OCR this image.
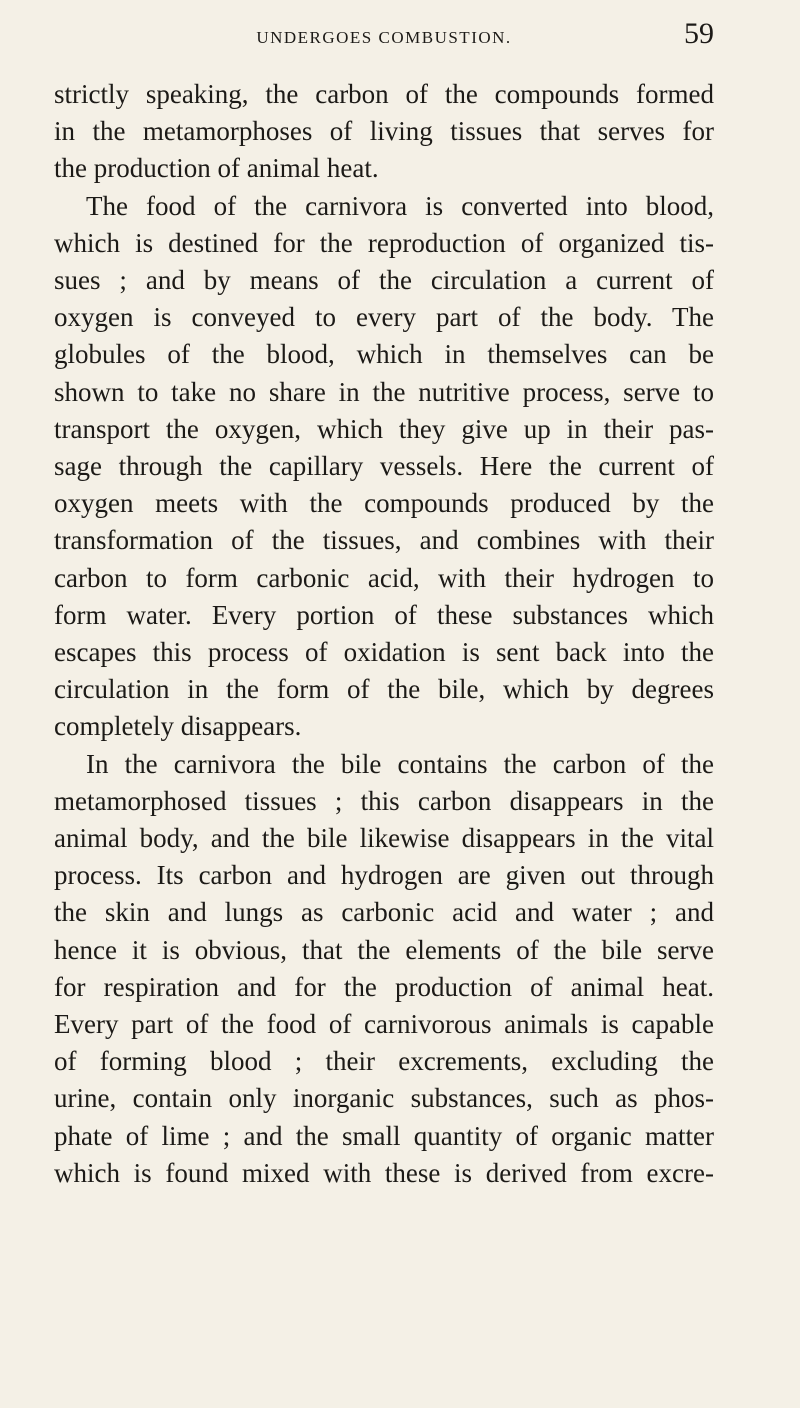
UNDERGOES COMBUSTION.	59
strictly speaking, the carbon of the compounds formed
in the metamorphoses of living tissues that serves for
the production of animal heat.
The food of the carnivora is converted into blood,
which is destined for the reproduction of organized tis-
sues ; and by means of the circulation a current of
oxygen is conveyed to every part of the body. The
globules of the blood, which in themselves can be
shown to take no share in the nutritive process, serve to
transport the oxygen, which they give up in their pas-
sage through the capillary vessels. Here the current of
oxygen meets with the compounds produced by the
transformation of the tissues, and combines with their
carbon to form carbonic acid, with their hydrogen to
form water. Every portion of these substances which
escapes this process of oxidation is sent back into the
circulation in the form of the bile, which by degrees
completely disappears.
In the carnivora the bile contains the carbon of the
metamorphosed tissues ; this carbon disappears in the
animal body, and the bile likewise disappears in the vital
process. Its carbon and hydrogen are given out through
the skin and lungs as carbonic acid and water ; and
hence it is obvious, that the elements of the bile serve
for respiration and for the production of animal heat.
Every part of the food of carnivorous animals is capable
of forming blood ; their excrements, excluding the
urine, contain only inorganic substances, such as phos-
phate of lime ; and the small quantity of organic matter
which is found mixed with these is derived from excre-
